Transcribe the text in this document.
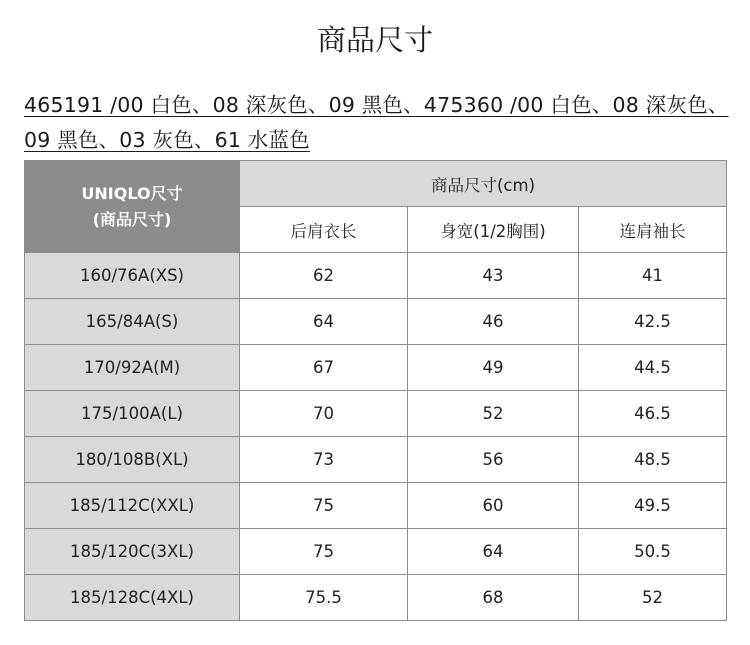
商品尺寸
465191 /00 白色、08 深灰色、09 黑色、475360 /00 白色、08 深灰色、09 黑色、03 灰色、61 水蓝色
UNIQLO尺寸
(商品尺寸)	商品尺寸(cm)		
	后肩衣长	身宽(1/2胸围)	连肩袖长
160/76A(XS)	62	43	41
165/84A(S)	64	46	42.5
170/92A(M)	67	49	44.5
175/100A(L)	70	52	46.5
180/108B(XL)	73	56	48.5
185/112C(XXL)	75	60	49.5
185/120C(3XL)	75	64	50.5
185/128C(4XL)	75.5	68	52
